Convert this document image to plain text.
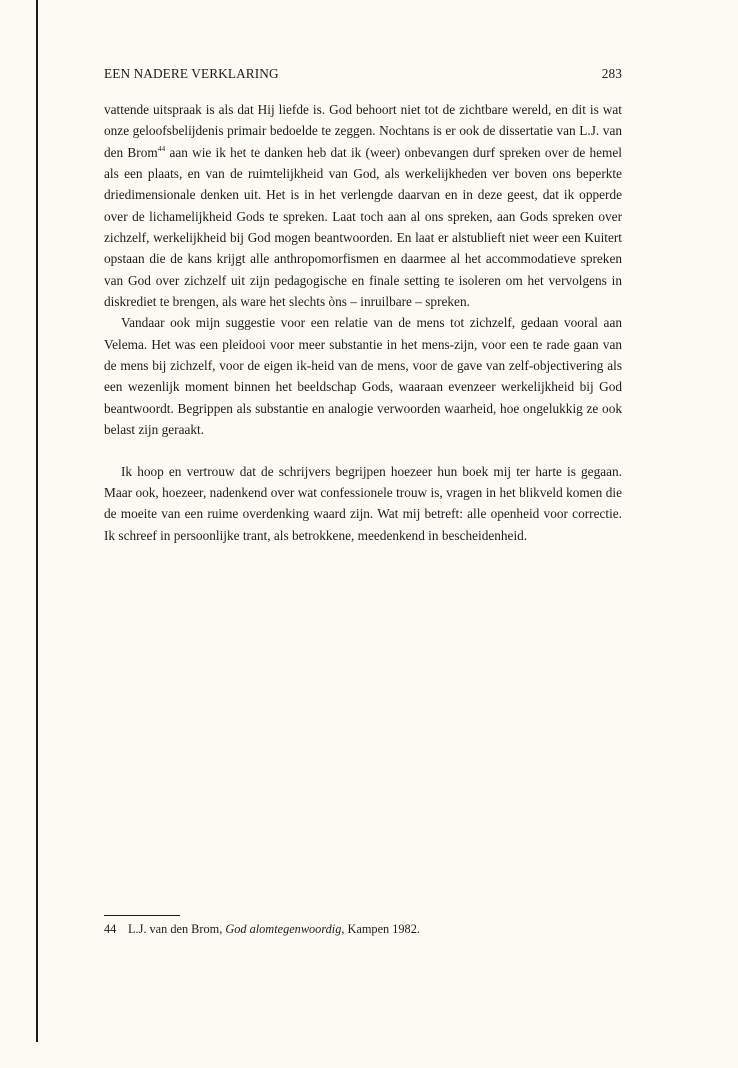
EEN NADERE VERKLARING	283

vattende uitspraak is als dat Hij liefde is. God behoort niet tot de zichtbare wereld, en dit is wat onze geloofsbelijdenis primair bedoelde te zeggen. Nochtans is er ook de dissertatie van L.J. van den Brom$^{44}$ aan wie ik het te danken heb dat ik (weer) onbevangen durf spreken over de hemel als een plaats, en van de ruimtelijkheid van God, als werkelijkheden ver boven ons beperkte driedimensionale denken uit. Het is in het verlengde daarvan en in deze geest, dat ik opperde over de lichamelijkheid Gods te spreken. Laat toch aan al ons spreken, aan Gods spreken over zichzelf, werkelijkheid bij God mogen beantwoorden. En laat er alstublieft niet weer een Kuitert opstaan die de kans krijgt alle anthropomorfismen en daarmee al het accommodatieve spreken van God over zichzelf uit zijn pedagogische en finale setting te isoleren om het vervolgens in diskrediet te brengen, als ware het slechts òns – inruilbare – spreken.

Vandaar ook mijn suggestie voor een relatie van de mens tot zichzelf, gedaan vooral aan Velema. Het was een pleidooi voor meer substantie in het mens-zijn, voor een te rade gaan van de mens bij zichzelf, voor de eigen ik-heid van de mens, voor de gave van zelf-objectivering als een wezenlijk moment binnen het beeldschap Gods, waaraan evenzeer werkelijkheid bij God beantwoordt. Begrippen als substantie en analogie verwoorden waarheid, hoe ongelukkig ze ook belast zijn geraakt.

Ik hoop en vertrouw dat de schrijvers begrijpen hoezeer hun boek mij ter harte is gegaan. Maar ook, hoezeer, nadenkend over wat confessionele trouw is, vragen in het blikveld komen die de moeite van een ruime overdenking waard zijn. Wat mij betreft: alle openheid voor correctie. Ik schreef in persoonlijke trant, als betrokkene, meedenkend in bescheidenheid.

44 L.J. van den Brom, God alomtegenwoordig, Kampen 1982.
